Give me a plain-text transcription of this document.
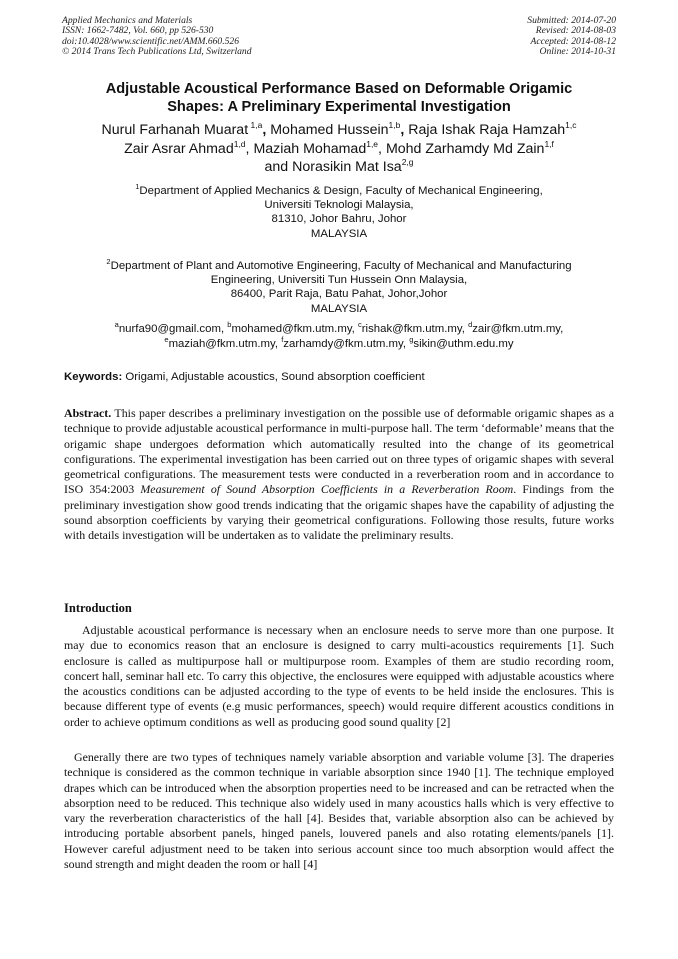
Applied Mechanics and Materials
ISSN: 1662-7482, Vol. 660, pp 526-530
doi:10.4028/www.scientific.net/AMM.660.526
© 2014 Trans Tech Publications Ltd, Switzerland
Submitted: 2014-07-20
Revised: 2014-08-03
Accepted: 2014-08-12
Online: 2014-10-31
Adjustable Acoustical Performance Based on Deformable Origamic
Shapes: A Preliminary Experimental Investigation
Nurul Farhanah Muarat $^{1,a}$, Mohamed Hussein$^{1,b}$, Raja Ishak Raja Hamzah$^{1,c}$
Zair Asrar Ahmad$^{1,d}$, Maziah Mohamad$^{1,e}$, Mohd Zarhamdy Md Zain$^{1,f}$
and Norasikin Mat Isa$^{2,g}$
$^1$Department of Applied Mechanics & Design, Faculty of Mechanical Engineering,
Universiti Teknologi Malaysia,
81310, Johor Bahru, Johor
MALAYSIA
$^2$Department of Plant and Automotive Engineering, Faculty of Mechanical and Manufacturing
Engineering, Universiti Tun Hussein Onn Malaysia,
86400, Parit Raja, Batu Pahat, Johor,Johor
MALAYSIA
$^a$nurfa90@gmail.com, $^b$mohamed@fkm.utm.my, $^c$rishak@fkm.utm.my, $^d$zair@fkm.utm.my,
$^e$maziah@fkm.utm.my, $^f$zarhamdy@fkm.utm.my, $^g$sikin@uthm.edu.my
Keywords: Origami, Adjustable acoustics, Sound absorption coefficient

Abstract. This paper describes a preliminary investigation on the possible use of deformable origamic shapes as a technique to provide adjustable acoustical performance in multi-purpose hall. The term ‘deformable’ means that the origamic shape undergoes deformation which automatically resulted into the change of its geometrical configurations. The experimental investigation has been carried out on three types of origamic shapes with several geometrical configurations. The measurement tests were conducted in a reverberation room and in accordance to ISO 354:2003 Measurement of Sound Absorption Coefficients in a Reverberation Room. Findings from the preliminary investigation show good trends indicating that the origamic shapes have the capability of adjusting the sound absorption coefficients by varying their geometrical configurations. Following those results, future works with details investigation will be undertaken as to validate the preliminary results.

Introduction

Adjustable acoustical performance is necessary when an enclosure needs to serve more than one purpose. It may due to economics reason that an enclosure is designed to carry multi-acoustics requirements [1]. Such enclosure is called as multipurpose hall or multipurpose room. Examples of them are studio recording room, concert hall, seminar hall etc. To carry this objective, the enclosures were equipped with adjustable acoustics where the acoustics conditions can be adjusted according to the type of events to be held inside the enclosures. This is because different type of events (e.g music performances, speech) would require different acoustics conditions in order to achieve optimum conditions as well as producing good sound quality [2]

Generally there are two types of techniques namely variable absorption and variable volume [3]. The draperies technique is considered as the common technique in variable absorption since 1940 [1]. The technique employed drapes which can be introduced when the absorption properties need to be increased and can be retracted when the absorption need to be reduced. This technique also widely used in many acoustics halls which is very effective to vary the reverberation characteristics of the hall [4]. Besides that, variable absorption also can be achieved by introducing portable absorbent panels, hinged panels, louvered panels and also rotating elements/panels [1]. However careful adjustment need to be taken into serious account since too much absorption would affect the sound strength and might deaden the room or hall [4]
